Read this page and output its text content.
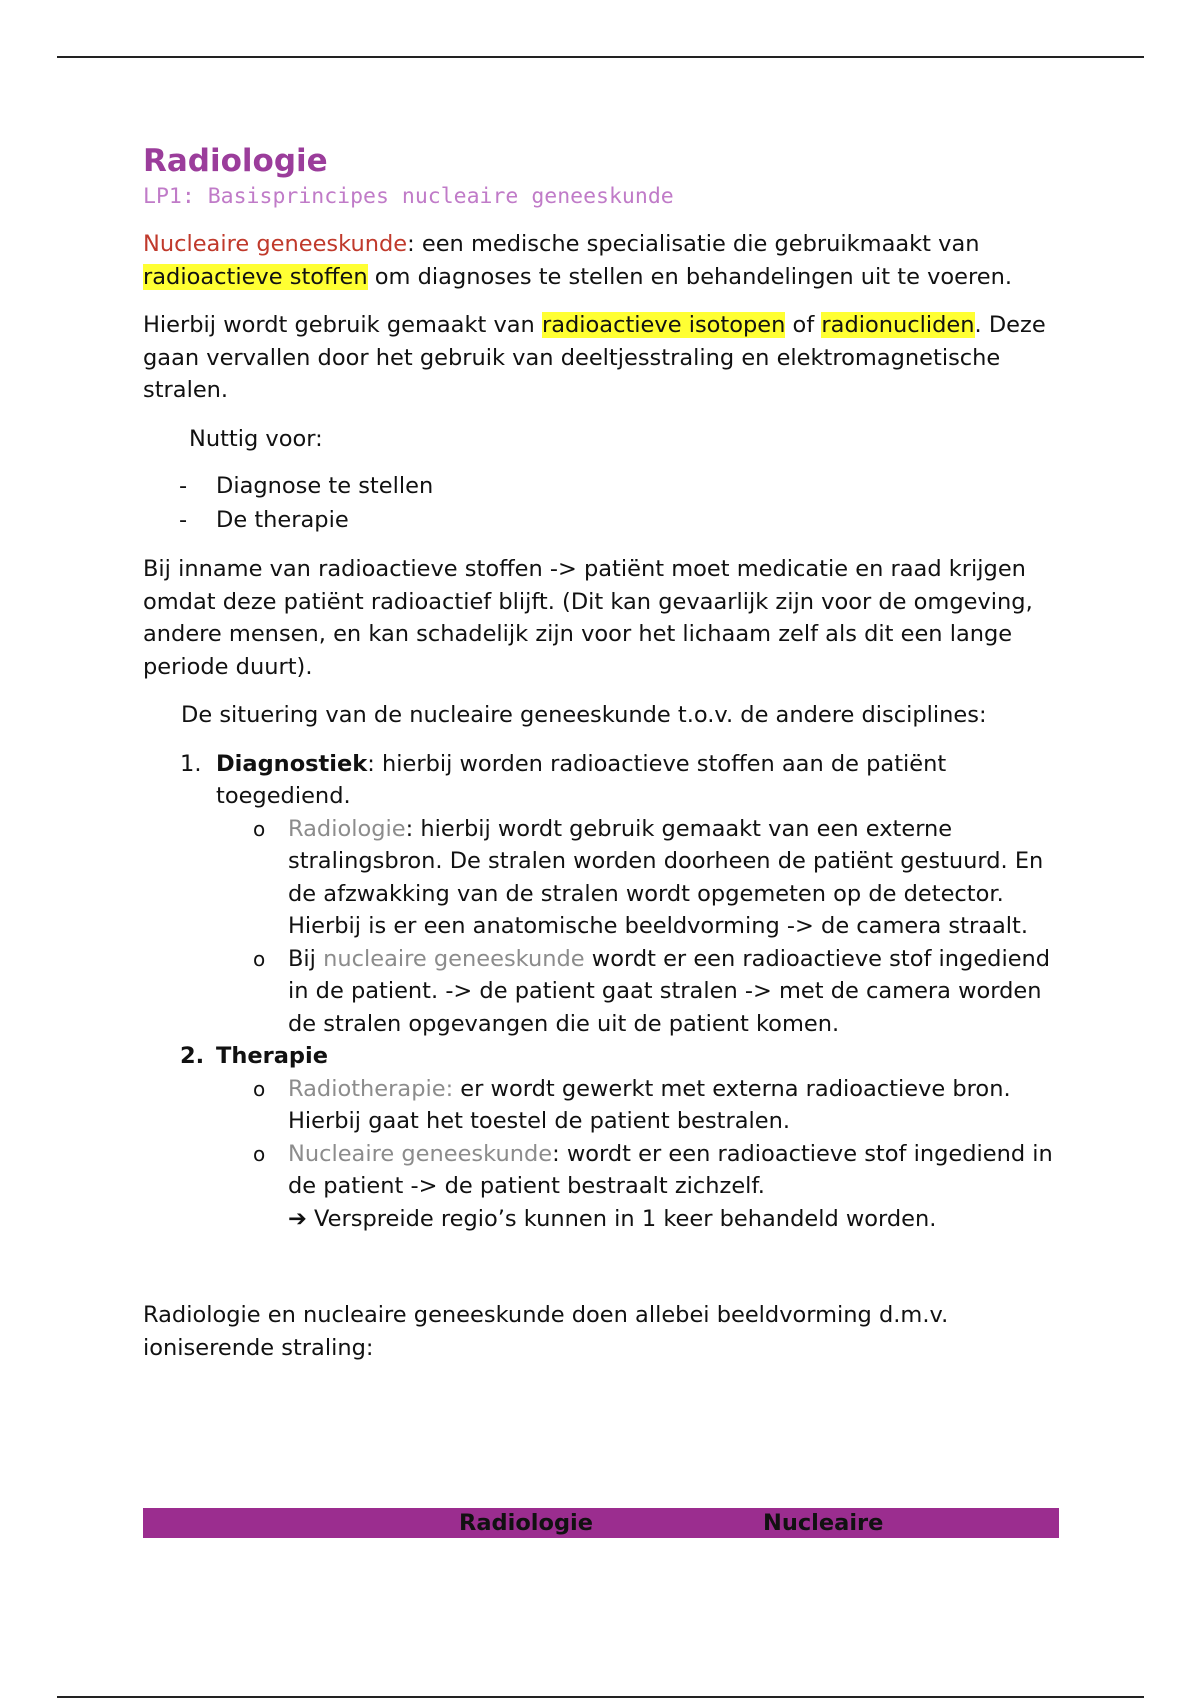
Radiologie

LP1: Basisprincipes nucleaire geneeskunde

Nucleaire geneeskunde: een medische specialisatie die gebruikmaakt van radioactieve stoffen om diagnoses te stellen en behandelingen uit te voeren.

Hierbij wordt gebruik gemaakt van radioactieve isotopen of radionucliden. Deze gaan vervallen door het gebruik van deeltjesstraling en elektromagnetische stralen.

Nuttig voor:

- Diagnose te stellen
- De therapie

Bij inname van radioactieve stoffen -> patiënt moet medicatie en raad krijgen omdat deze patiënt radioactief blijft. (Dit kan gevaarlijk zijn voor de omgeving, andere mensen, en kan schadelijk zijn voor het lichaam zelf als dit een lange periode duurt).

De situering van de nucleaire geneeskunde t.o.v. de andere disciplines:

1. Diagnostiek: hierbij worden radioactieve stoffen aan de patiënt toegediend.
o Radiologie: hierbij wordt gebruik gemaakt van een externe stralingsbron. De stralen worden doorheen de patiënt gestuurd. En de afzwakking van de stralen wordt opgemeten op de detector. Hierbij is er een anatomische beeldvorming -> de camera straalt.
o Bij nucleaire geneeskunde wordt er een radioactieve stof ingediend in de patient. -> de patient gaat stralen -> met de camera worden de stralen opgevangen die uit de patient komen.
2. Therapie
o Radiotherapie: er wordt gewerkt met externa radioactieve bron. Hierbij gaat het toestel de patient bestralen.
o Nucleaire geneeskunde: wordt er een radioactieve stof ingediend in de patient -> de patient bestraalt zichzelf.
➔ Verspreide regio’s kunnen in 1 keer behandeld worden.

Radiologie en nucleaire geneeskunde doen allebei beeldvorming d.m.v. ioniserende straling:

Radiologie	Nucleaire
